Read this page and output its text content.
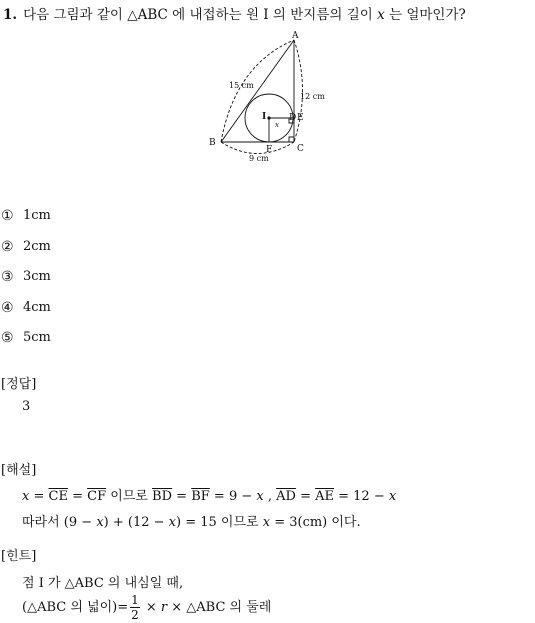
1. 다음 그림과 같이 △ABC 에 내접하는 원 I 의 반지름의 길이 x 는 얼마인가?
A
B
C
E
D
F
I
x
15 cm
12 cm
9 cm
① 1cm
② 2cm
③ 3cm
④ 4cm
⑤ 5cm
[정답]
3
[해설]
$x = \overline{CE} = \overline{CF}$ 이므로 $\overline{BD} = \overline{BF} = 9 - x$ , $\overline{AD} = \overline{AE} = 12 - x$
따라서 (9 − x) + (12 − x) = 15 이므로 x = 3(cm) 이다.
[힌트]
점 I 가 △ABC 의 내심일 때,
(△ABC 의 넓이)= $\frac{1}{2} \times r$ × △ABC 의 둘레
